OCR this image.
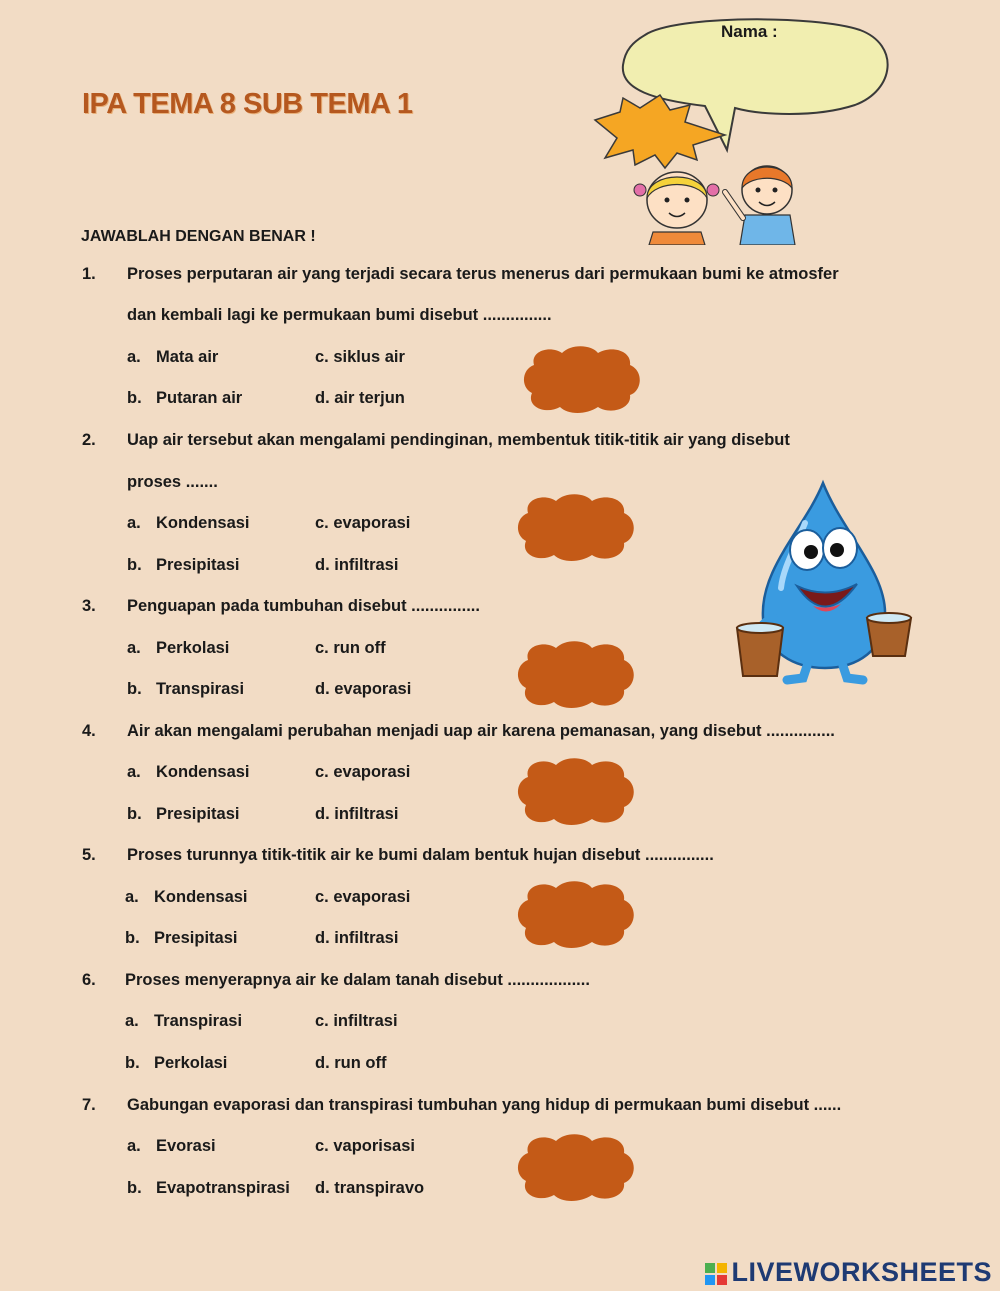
IPA TEMA 8 SUB TEMA 1
Nama :
JAWABLAH DENGAN BENAR !
1. Proses perputaran air yang terjadi secara terus menerus dari permukaan bumi ke atmosfer
dan kembali lagi ke permukaan bumi disebut ...............
a. Mata air
b. Putaran air
c. siklus air
d. air terjun
2. Uap air tersebut akan mengalami pendinginan, membentuk titik-titik air yang disebut
proses .......
a. Kondensasi
b. Presipitasi
c. evaporasi
d. infiltrasi
3. Penguapan pada tumbuhan disebut ...............
a. Perkolasi
b. Transpirasi
c. run off
d. evaporasi
4. Air akan mengalami perubahan menjadi uap air karena pemanasan, yang disebut ...............
a. Kondensasi
b. Presipitasi
c. evaporasi
d. infiltrasi
5. Proses turunnya titik-titik air ke bumi dalam bentuk hujan disebut ...............
a. Kondensasi
b. Presipitasi
c. evaporasi
d. infiltrasi
6. Proses menyerapnya air ke dalam tanah disebut ..................
a. Transpirasi
b. Perkolasi
c. infiltrasi
d. run off
7. Gabungan evaporasi dan transpirasi tumbuhan yang hidup di permukaan bumi disebut ......
a. Evorasi
b. Evapotranspirasi
c. vaporisasi
d. transpiravo
LIVEWORKSHEETS
